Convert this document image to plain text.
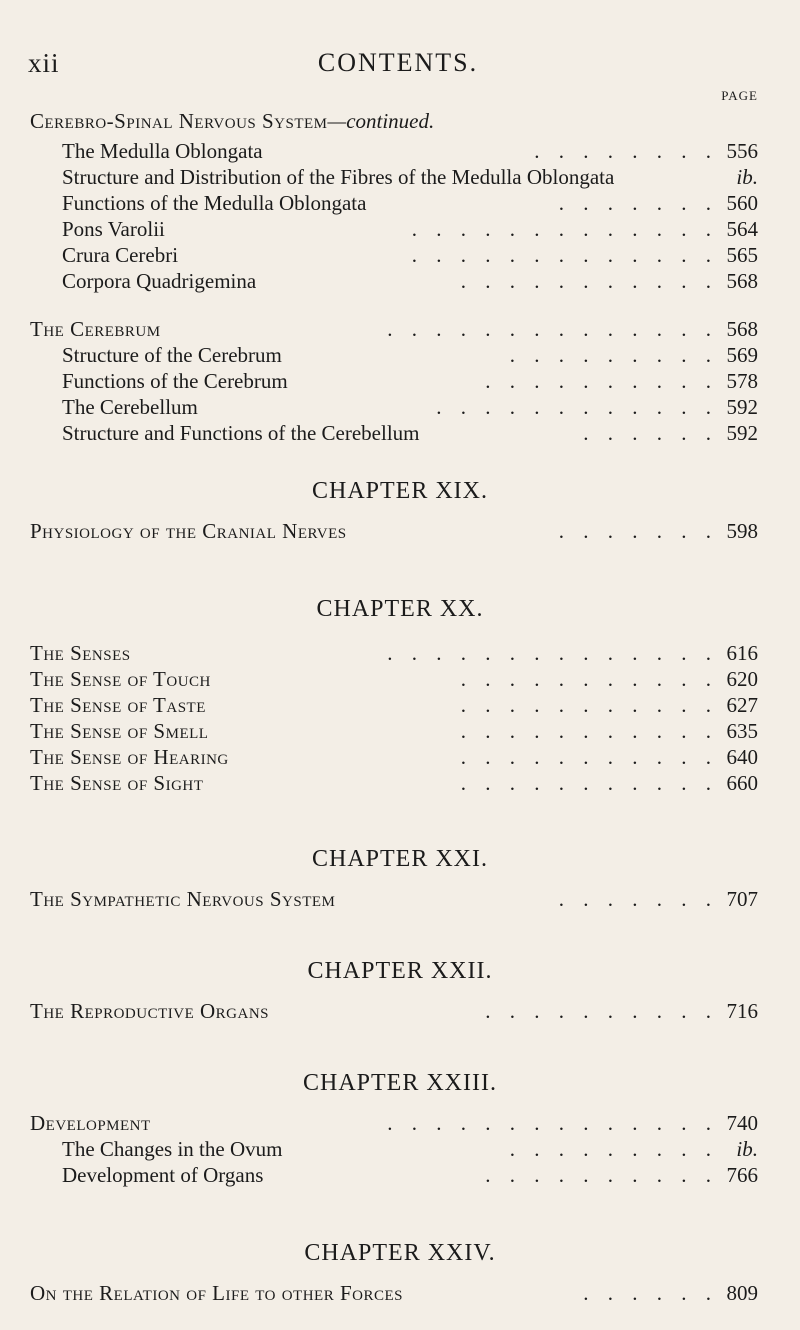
xii	CONTENTS.
PAGE
Cerebro-Spinal Nervous System—continued.
The Medulla Oblongata	. . . . . . . . 556
Structure and Distribution of the Fibres of the Medulla Oblongata	ib.
Functions of the Medulla Oblongata	. . . . . . . 560
Pons Varolii	. . . . . . . . . . . . . 564
Crura Cerebri	. . . . . . . . . . . . . 565
Corpora Quadrigemina	. . . . . . . . . . . 568
The Cerebrum	. . . . . . . . . . . . . . 568
Structure of the Cerebrum	. . . . . . . . . 569
Functions of the Cerebrum	. . . . . . . . . . 578
The Cerebellum	. . . . . . . . . . . . 592
Structure and Functions of the Cerebellum	. . . . . . 592
CHAPTER XIX.
Physiology of the Cranial Nerves	. . . . . . . 598
CHAPTER XX.
The Senses	. . . . . . . . . . . . . . 616
The Sense of Touch	. . . . . . . . . . . 620
The Sense of Taste	. . . . . . . . . . . 627
The Sense of Smell	. . . . . . . . . . . 635
The Sense of Hearing	. . . . . . . . . . . 640
The Sense of Sight	. . . . . . . . . . . 660
CHAPTER XXI.
The Sympathetic Nervous System	. . . . . . . 707
CHAPTER XXII.
The Reproductive Organs	. . . . . . . . . . 716
CHAPTER XXIII.
Development	. . . . . . . . . . . . . . 740
The Changes in the Ovum	. . . . . . . . . ib.
Development of Organs	. . . . . . . . . . 766
CHAPTER XXIV.
On the Relation of Life to other Forces	. . . . . . 809
